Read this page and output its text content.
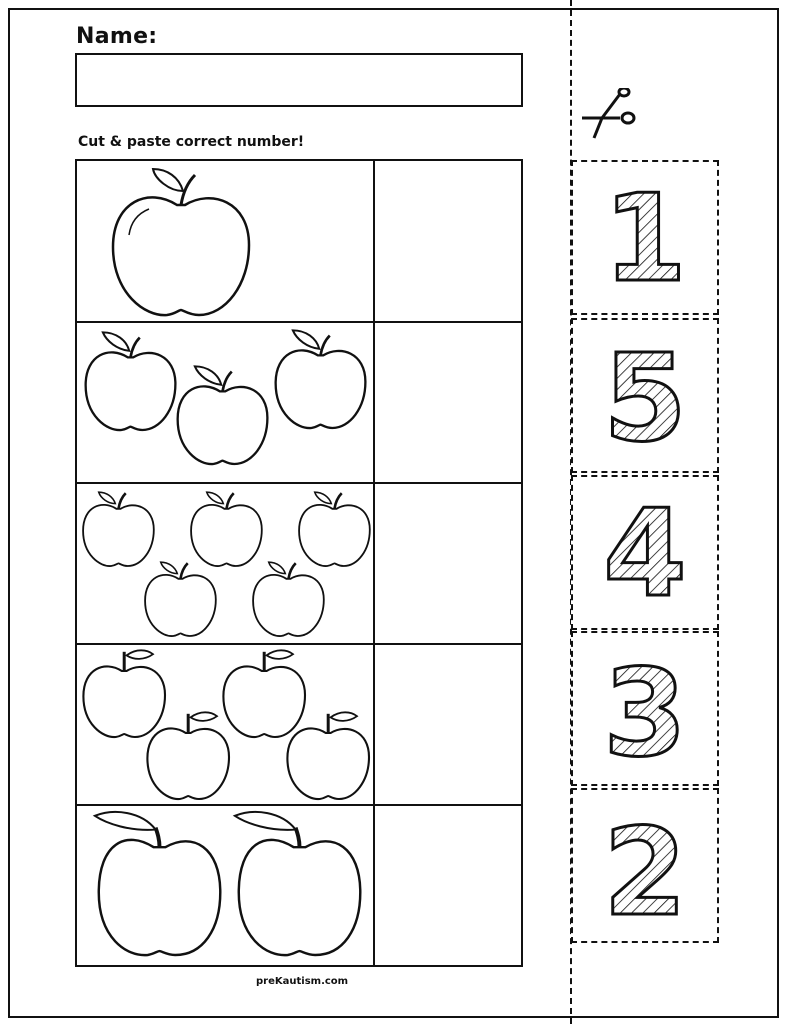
Name:
Cut & paste correct number!
preKautism.com
1
5
4
3
2
